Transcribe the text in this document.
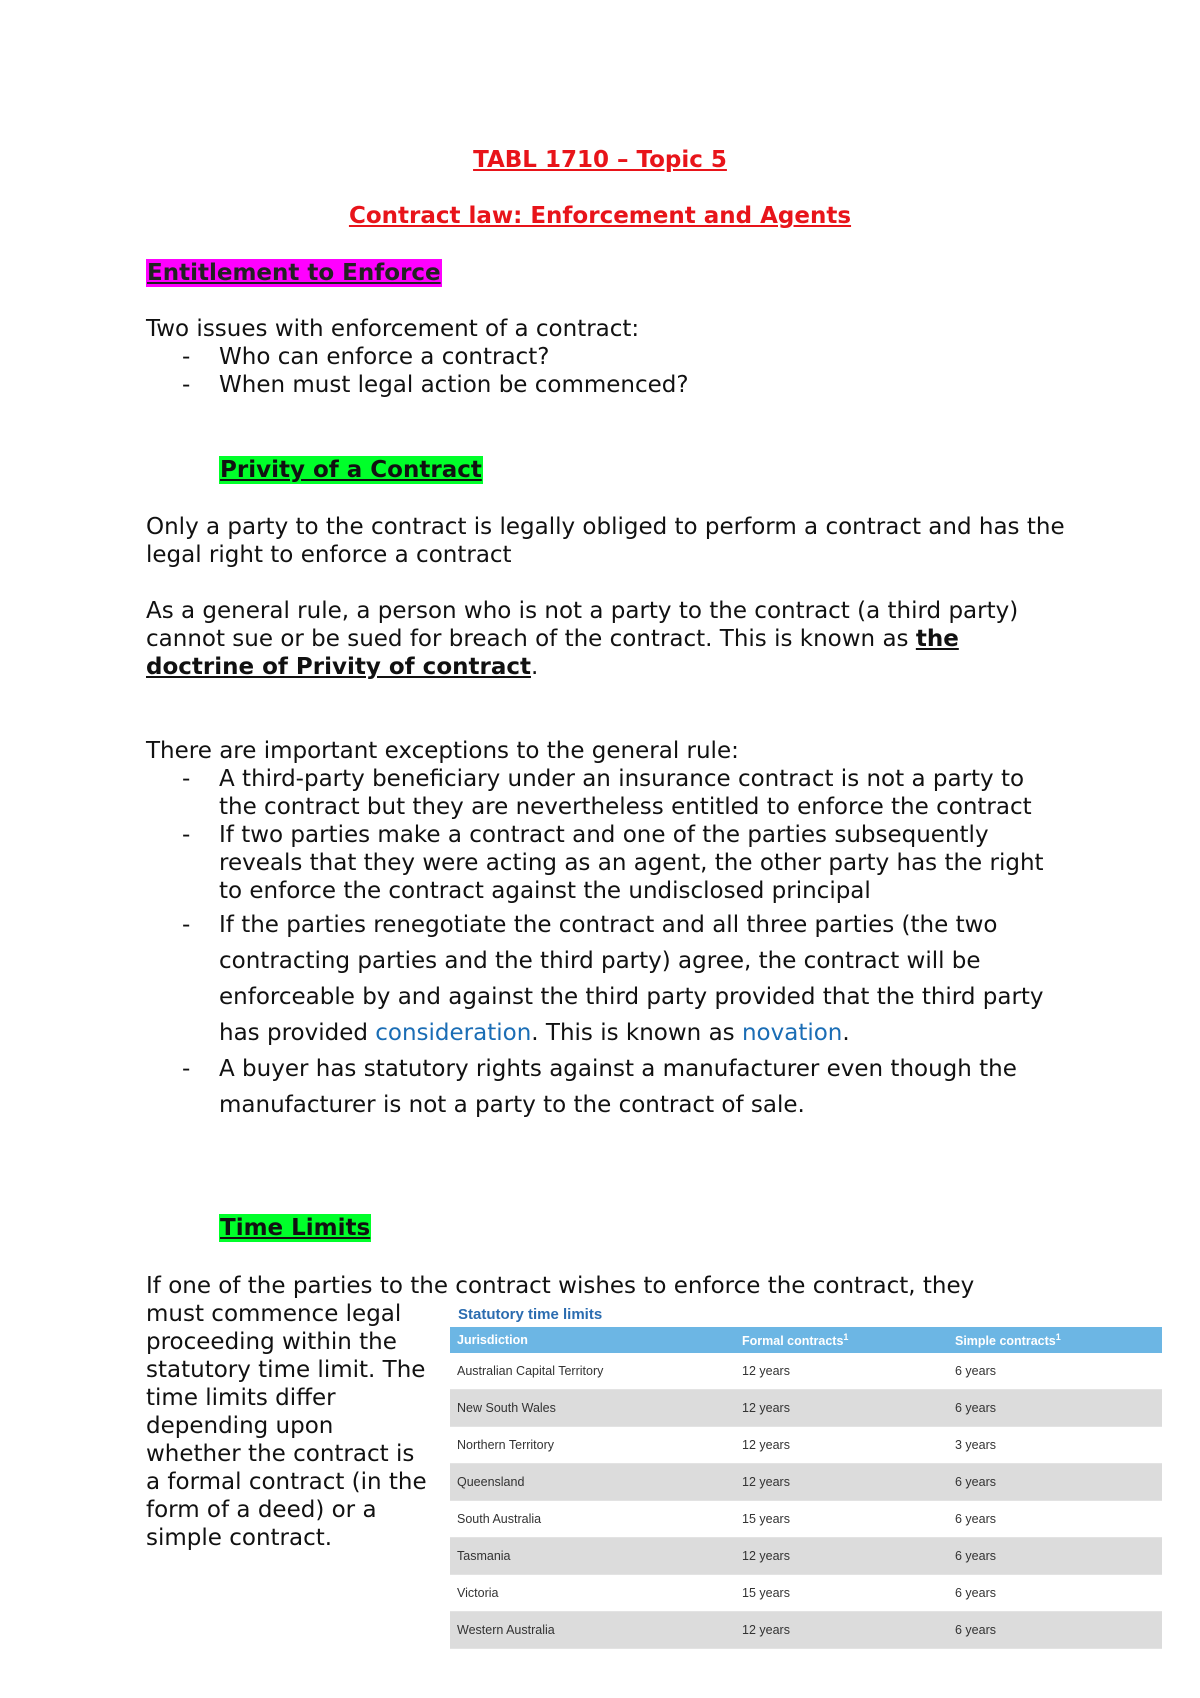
TABL 1710 – Topic 5
Contract law: Enforcement and Agents
Entitlement to Enforce

Two issues with enforcement of a contract:

- Who can enforce a contract?
- When must legal action be commenced?
Privity of a Contract

Only a party to the contract is legally obliged to perform a contract and has the legal right to enforce a contract

As a general rule, a person who is not a party to the contract (a third party) cannot sue or be sued for breach of the contract. This is known as the doctrine of Privity of contract.

There are important exceptions to the general rule:

- A third-party beneficiary under an insurance contract is not a party to the contract but they are nevertheless entitled to enforce the contract
- If two parties make a contract and one of the parties subsequently reveals that they were acting as an agent, the other party has the right to enforce the contract against the undisclosed principal
- If the parties renegotiate the contract and all three parties (the two contracting parties and the third party) agree, the contract will be enforceable by and against the third party provided that the third party has provided consideration. This is known as novation.
- A buyer has statutory rights against a manufacturer even though the manufacturer is not a party to the contract of sale.
Time Limits
If one of the parties to the contract wishes to enforce the contract, they
must commence legal proceeding within the statutory time limit. The time limits differ depending upon whether the contract is a formal contract (in the form of a deed) or a simple contract.
Statutory time limits
Jurisdiction	Formal contracts$^1$	Simple contracts$^1$
Australian Capital Territory	12 years	6 years
New South Wales	12 years	6 years
Northern Territory	12 years	3 years
Queensland	12 years	6 years
South Australia	15 years	6 years
Tasmania	12 years	6 years
Victoria	15 years	6 years
Western Australia	12 years	6 years
